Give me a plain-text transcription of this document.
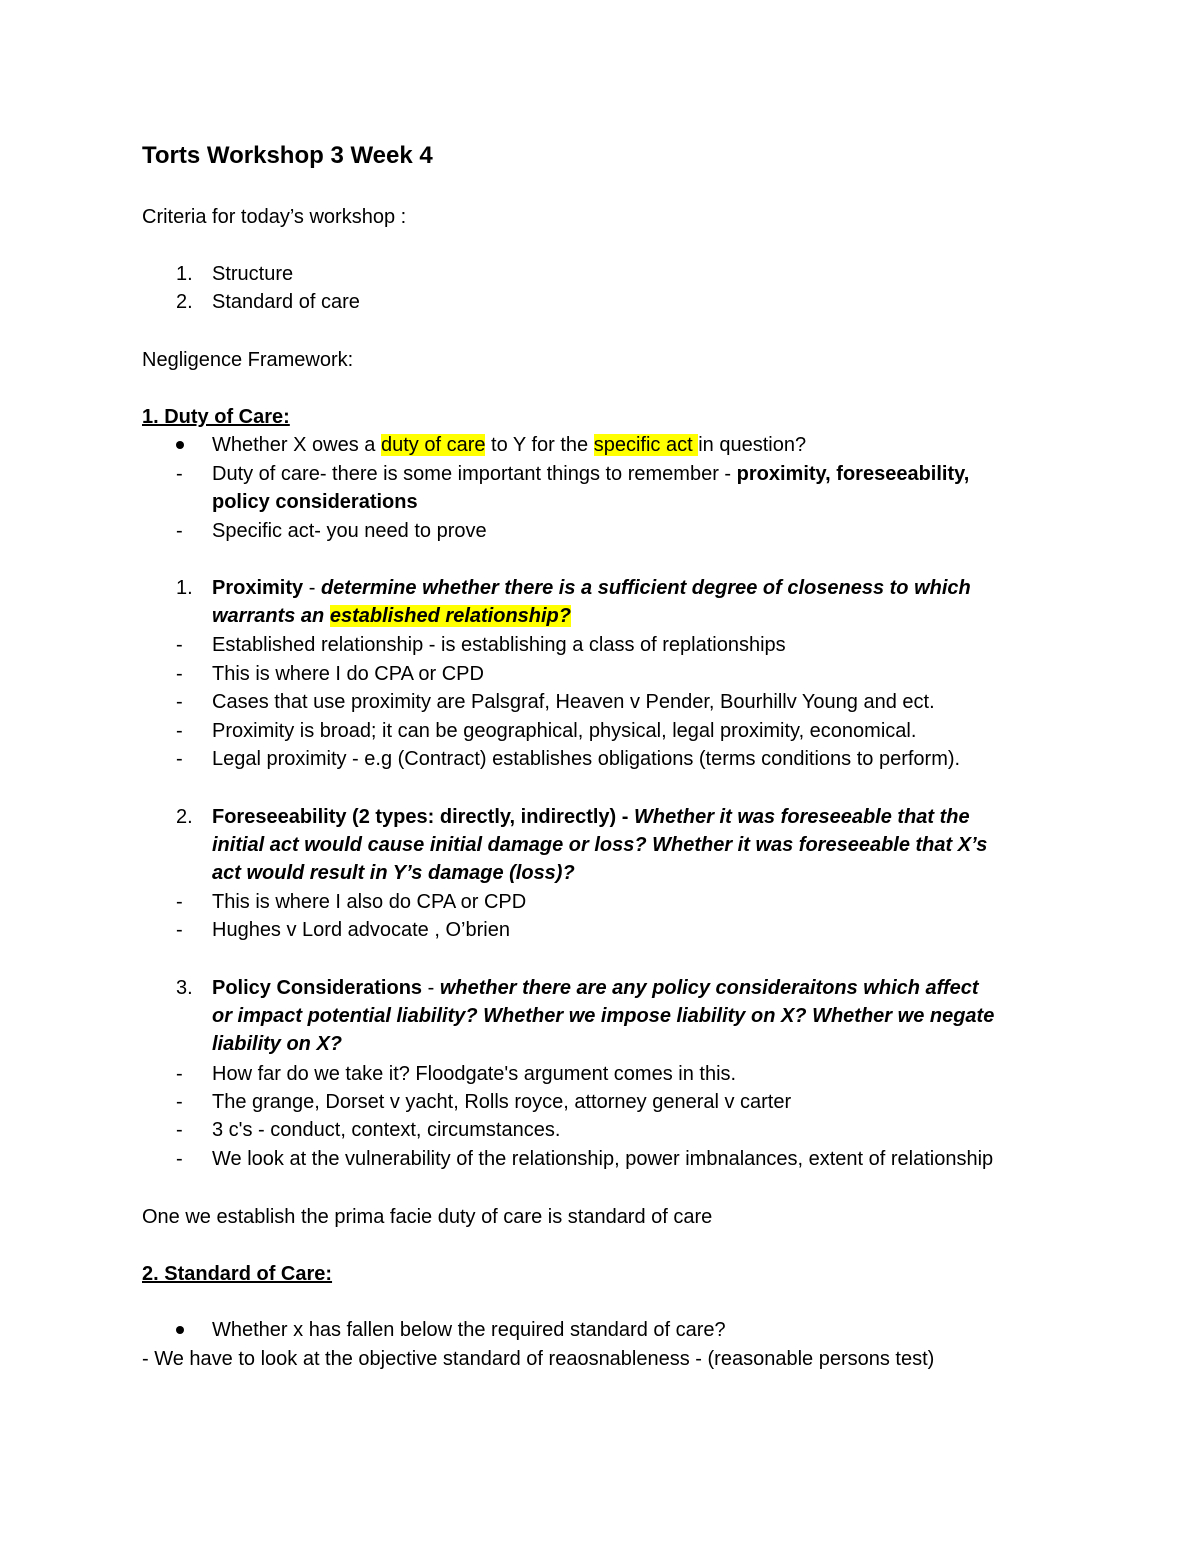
Torts Workshop 3 Week 4
Criteria for today’s workshop :
1. Structure
2. Standard of care
Negligence Framework:
1. Duty of Care:
Whether X owes a duty of care to Y for the specific act in question?
- Duty of care- there is some important things to remember - proximity, foreseeability,
policy considerations
- Specific act- you need to prove
1. Proximity - determine whether there is a sufficient degree of closeness to which
warrants an established relationship?
- Established relationship - is establishing a class of replationships
- This is where I do CPA or CPD
- Cases that use proximity are Palsgraf, Heaven v Pender, Bourhillv Young and ect.
- Proximity is broad; it can be geographical, physical, legal proximity, economical.
- Legal proximity - e.g (Contract) establishes obligations (terms conditions to perform).
2. Foreseeability (2 types: directly, indirectly) - Whether it was foreseeable that the
initial act would cause initial damage or loss? Whether it was foreseeable that X’s
act would result in Y’s damage (loss)?
- This is where I also do CPA or CPD
- Hughes v Lord advocate , O’brien
3. Policy Considerations - whether there are any policy consideraitons which affect
or impact potential liability? Whether we impose liability on X? Whether we negate
liability on X?
- How far do we take it? Floodgate's argument comes in this.
- The grange, Dorset v yacht, Rolls royce, attorney general v carter
- 3 c's - conduct, context, circumstances.
- We look at the vulnerability of the relationship, power imbnalances, extent of relationship
One we establish the prima facie duty of care is standard of care
2. Standard of Care:
Whether x has fallen below the required standard of care?
- We have to look at the objective standard of reaosnableness - (reasonable persons test)
